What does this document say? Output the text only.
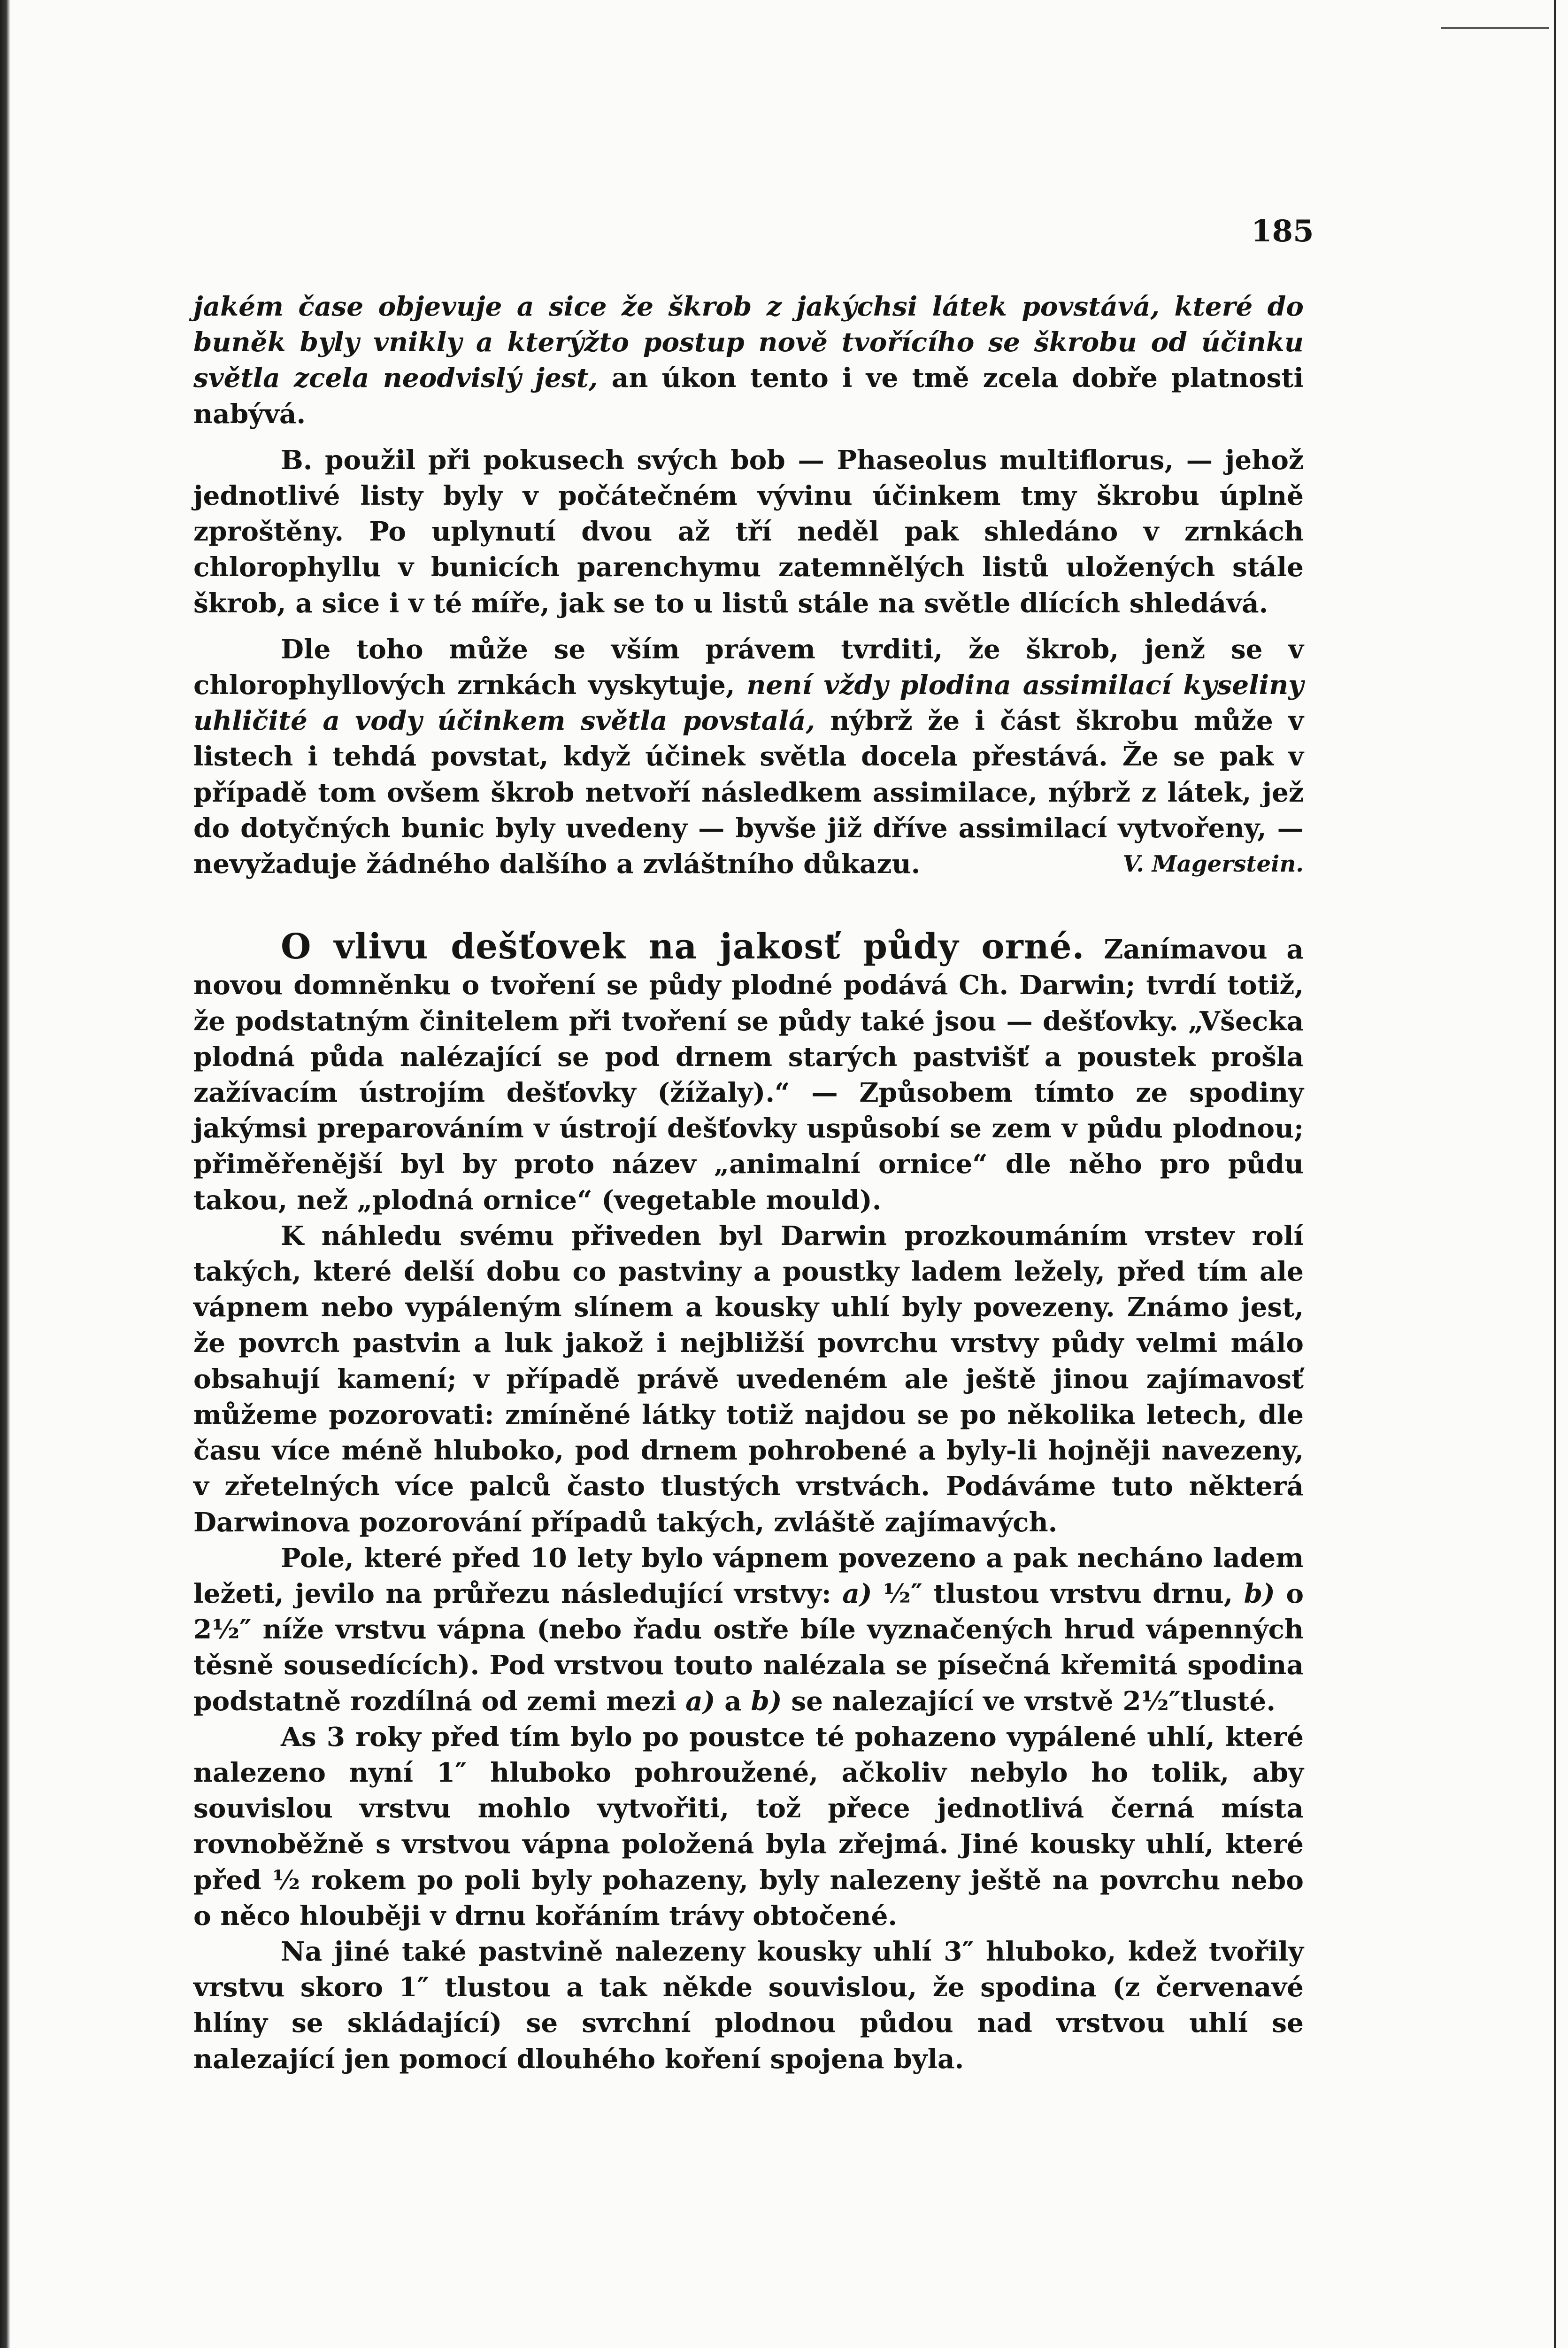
185

jakém čase objevuje a sice že škrob z jakýchsi látek povstává, které do buněk byly vnikly a kterýžto postup nově tvořícího se škrobu od účinku světla zcela neodvislý jest, an úkon tento i ve tmě zcela dobře platnosti nabývá.

B. použil při pokusech svých bob — Phaseolus multiflorus, — jehož jednotlivé listy byly v počátečném vývinu účinkem tmy škrobu úplně zproštěny. Po uplynutí dvou až tří neděl pak shledáno v zrnkách chlorophyllu v bunicích parenchymu zatemnělých listů uložených stále škrob, a sice i v té míře, jak se to u listů stále na světle dlících shledává.

Dle toho může se vším právem tvrditi, že škrob, jenž se v chlorophyllových zrnkách vyskytuje, není vždy plodina assimilací kyseliny uhličité a vody účinkem světla povstalá, nýbrž že i část škrobu může v listech i tehdá povstat, když účinek světla docela přestává. Že se pak v případě tom ovšem škrob netvoří následkem assimilace, nýbrž z látek, jež do dotyčných bunic byly uvedeny — byvše již dříve assimilací vytvořeny, — nevyžaduje žádného dalšího a zvláštního důkazu.	V. Magerstein.

O vlivu dešťovek na jakosť půdy orné. Zanímavou a novou domněnku o tvoření se půdy plodné podává Ch. Darwin; tvrdí totiž, že podstatným činitelem při tvoření se půdy také jsou — dešťovky. „Všecka plodná půda nalézající se pod drnem starých pastvišť a poustek prošla zažívacím ústrojím dešťovky (žížaly).“ — Způsobem tímto ze spodiny jakýmsi preparováním v ústrojí dešťovky uspůsobí se zem v půdu plodnou; přiměřenější byl by proto název „animalní ornice“ dle něho pro půdu takou, než „plodná ornice“ (vegetable mould).

K náhledu svému přiveden byl Darwin prozkoumáním vrstev rolí takých, které delší dobu co pastviny a poustky ladem ležely, před tím ale vápnem nebo vypáleným slínem a kousky uhlí byly povezeny. Známo jest, že povrch pastvin a luk jakož i nejbližší povrchu vrstvy půdy velmi málo obsahují kamení; v případě právě uvedeném ale ještě jinou zajímavosť můžeme pozorovati: zmíněné látky totiž najdou se po několika letech, dle času více méně hluboko, pod drnem pohrobené a byly-li hojněji navezeny, v zřetelných více palců často tlustých vrstvách. Podáváme tuto některá Darwinova pozorování případů takých, zvláště zajímavých.

Pole, které před 10 lety bylo vápnem povezeno a pak necháno ladem ležeti, jevilo na průřezu následující vrstvy: a) ½″ tlustou vrstvu drnu, b) o 2½″ níže vrstvu vápna (nebo řadu ostře bíle vyznačených hrud vápenných těsně sousedících). Pod vrstvou touto nalézala se písečná křemitá spodina podstatně rozdílná od zemi mezi a) a b) se nalezající ve vrstvě 2½″tlusté.

As 3 roky před tím bylo po poustce té pohazeno vypálené uhlí, které nalezeno nyní 1″ hluboko pohroužené, ačkoliv nebylo ho tolik, aby souvislou vrstvu mohlo vytvořiti, tož přece jednotlivá černá místa rovnoběžně s vrstvou vápna položená byla zřejmá. Jiné kousky uhlí, které před ½ rokem po poli byly pohazeny, byly nalezeny ještě na povrchu nebo o něco hlouběji v drnu kořáním trávy obtočené.

Na jiné také pastvině nalezeny kousky uhlí 3″ hluboko, kdež tvořily vrstvu skoro 1″ tlustou a tak někde souvislou, že spodina (z červenavé hlíny se skládající) se svrchní plodnou půdou nad vrstvou uhlí se nalezající jen pomocí dlouhého koření spojena byla.
